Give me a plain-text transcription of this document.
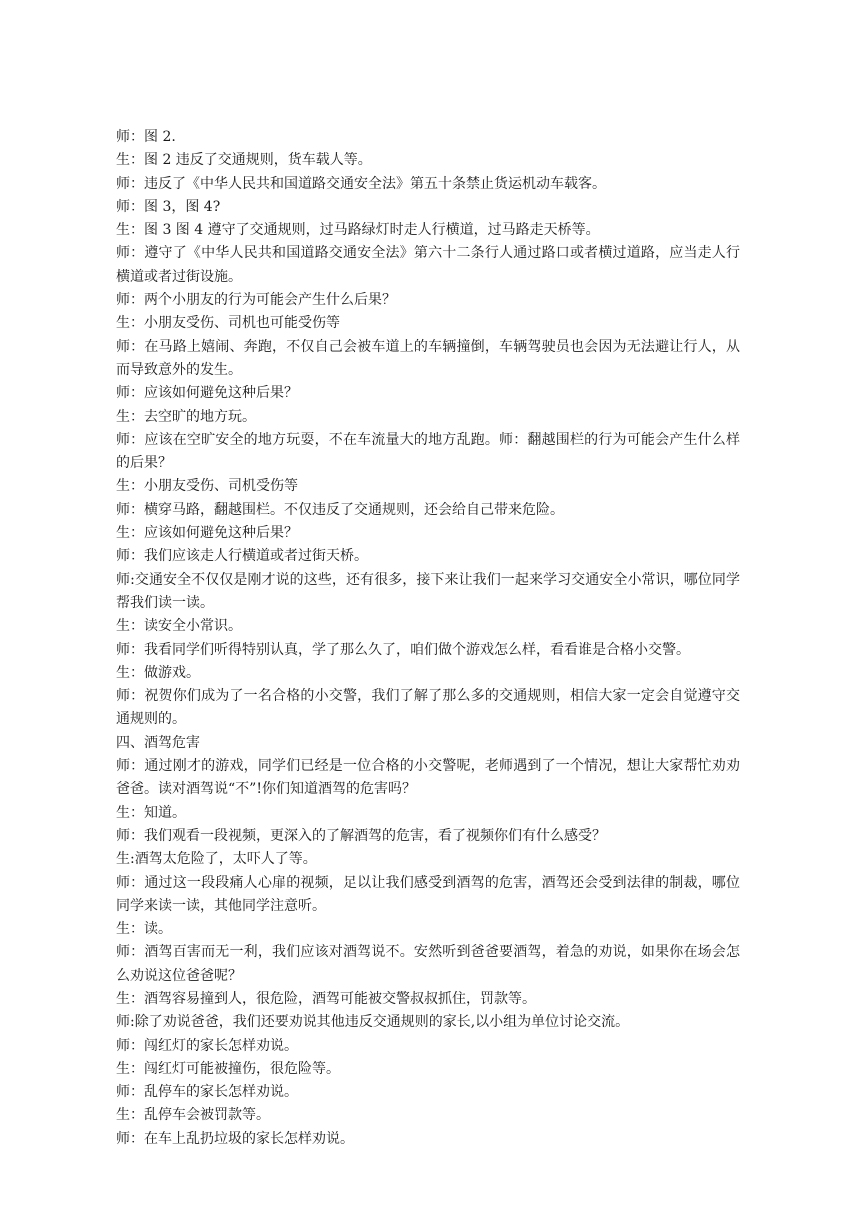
师：图 2.

生：图 2 违反了交通规则，货车载人等。

师：违反了《中华人民共和国道路交通安全法》第五十条禁止货运机动车载客。

师：图 3，图 4?

生：图 3 图 4 遵守了交通规则，过马路绿灯时走人行横道，过马路走天桥等。

师：遵守了《中华人民共和国道路交通安全法》第六十二条行人通过路口或者横过道路，应当走人行横道或者过街设施。

师：两个小朋友的行为可能会产生什么后果？

生：小朋友受伤、司机也可能受伤等

师：在马路上嬉闹、奔跑，不仅自己会被车道上的车辆撞倒，车辆驾驶员也会因为无法避让行人，从而导致意外的发生。

师：应该如何避免这种后果？

生：去空旷的地方玩。

师：应该在空旷安全的地方玩耍，不在车流量大的地方乱跑。师：翻越围栏的行为可能会产生什么样的后果？

生：小朋友受伤、司机受伤等

师：横穿马路，翻越围栏。不仅违反了交通规则，还会给自己带来危险。

生：应该如何避免这种后果？

师：我们应该走人行横道或者过街天桥。

师:交通安全不仅仅是刚才说的这些，还有很多，接下来让我们一起来学习交通安全小常识，哪位同学帮我们读一读。

生：读安全小常识。

师：我看同学们听得特别认真，学了那么久了，咱们做个游戏怎么样，看看谁是合格小交警。

生：做游戏。

师：祝贺你们成为了一名合格的小交警，我们了解了那么多的交通规则，相信大家一定会自觉遵守交通规则的。

四、酒驾危害

师：通过刚才的游戏，同学们已经是一位合格的小交警呢，老师遇到了一个情况，想让大家帮忙劝劝爸爸。读对酒驾说“不”!你们知道酒驾的危害吗？

生：知道。

师：我们观看一段视频，更深入的了解酒驾的危害，看了视频你们有什么感受？

生:酒驾太危险了，太吓人了等。

师：通过这一段段痛人心扉的视频，足以让我们感受到酒驾的危害，酒驾还会受到法律的制裁，哪位同学来读一读，其他同学注意听。

生：读。

师：酒驾百害而无一利，我们应该对酒驾说不。安然听到爸爸要酒驾，着急的劝说，如果你在场会怎么劝说这位爸爸呢？

生：酒驾容易撞到人，很危险，酒驾可能被交警叔叔抓住，罚款等。

师:除了劝说爸爸，我们还要劝说其他违反交通规则的家长,以小组为单位讨论交流。

师：闯红灯的家长怎样劝说。

生：闯红灯可能被撞伤，很危险等。

师：乱停车的家长怎样劝说。

生：乱停车会被罚款等。

师：在车上乱扔垃圾的家长怎样劝说。
